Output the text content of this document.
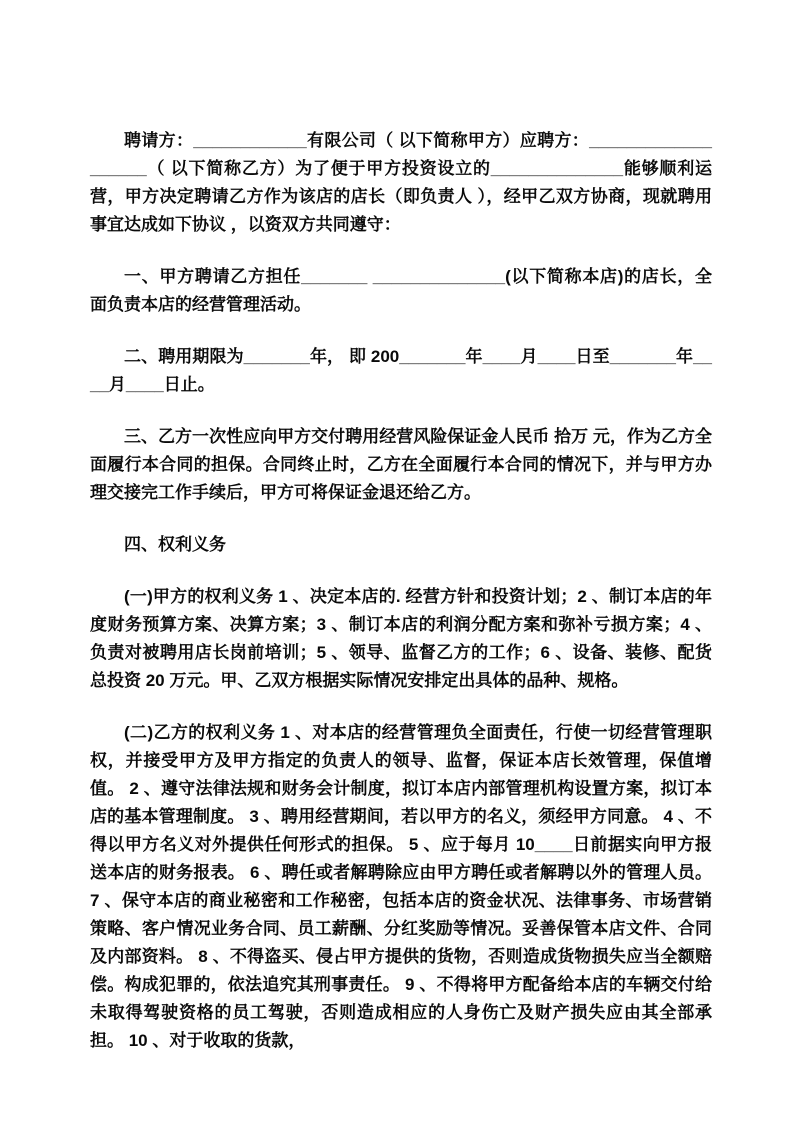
聘请方：____________有限公司（ 以下简称甲方）应聘方：___________________（ 以下简称乙方）为了便于甲方投资设立的______________能够顺利运营，甲方决定聘请乙方作为该店的店长（即负责人 ），经甲乙双方协商，现就聘用事宜达成如下协议 ，以资双方共同遵守：

一、甲方聘请乙方担任_______ ______________(以下简称本店)的店长，全面负责本店的经营管理活动。

二、聘用期限为_______年， 即 200_______年____月____日至_______年____月____日止。

三、乙方一次性应向甲方交付聘用经营风险保证金人民币 拾万 元，作为乙方全面履行本合同的担保。合同终止时，乙方在全面履行本合同的情况下，并与甲方办理交接完工作手续后，甲方可将保证金退还给乙方。

四、权利义务

(一)甲方的权利义务 1 、决定本店的. 经营方针和投资计划；2 、制订本店的年度财务预算方案、决算方案；3 、制订本店的利润分配方案和弥补亏损方案；4 、负责对被聘用店长岗前培训；5 、领导、监督乙方的工作；6 、设备、装修、配货总投资 20 万元。甲、乙双方根据实际情况安排定出具体的品种、规格。

(二)乙方的权利义务 1 、对本店的经营管理负全面责任，行使一切经营管理职权，并接受甲方及甲方指定的负责人的领导、监督，保证本店长效管理，保值增值。 2 、遵守法律法规和财务会计制度，拟订本店内部管理机构设置方案，拟订本店的基本管理制度。 3 、聘用经营期间，若以甲方的名义，须经甲方同意。 4 、不得以甲方名义对外提供任何形式的担保。 5 、应于每月 10____日前据实向甲方报送本店的财务报表。 6 、聘任或者解聘除应由甲方聘任或者解聘以外的管理人员。 7 、保守本店的商业秘密和工作秘密，包括本店的资金状况、法律事务、市场营销策略、客户情况业务合同、员工薪酬、分红奖励等情况。妥善保管本店文件、合同及内部资料。 8 、不得盗买、侵占甲方提供的货物，否则造成货物损失应当全额赔偿。构成犯罪的，依法追究其刑事责任。 9 、不得将甲方配备给本店的车辆交付给未取得驾驶资格的员工驾驶，否则造成相应的人身伤亡及财产损失应由其全部承担。 10 、对于收取的货款，
